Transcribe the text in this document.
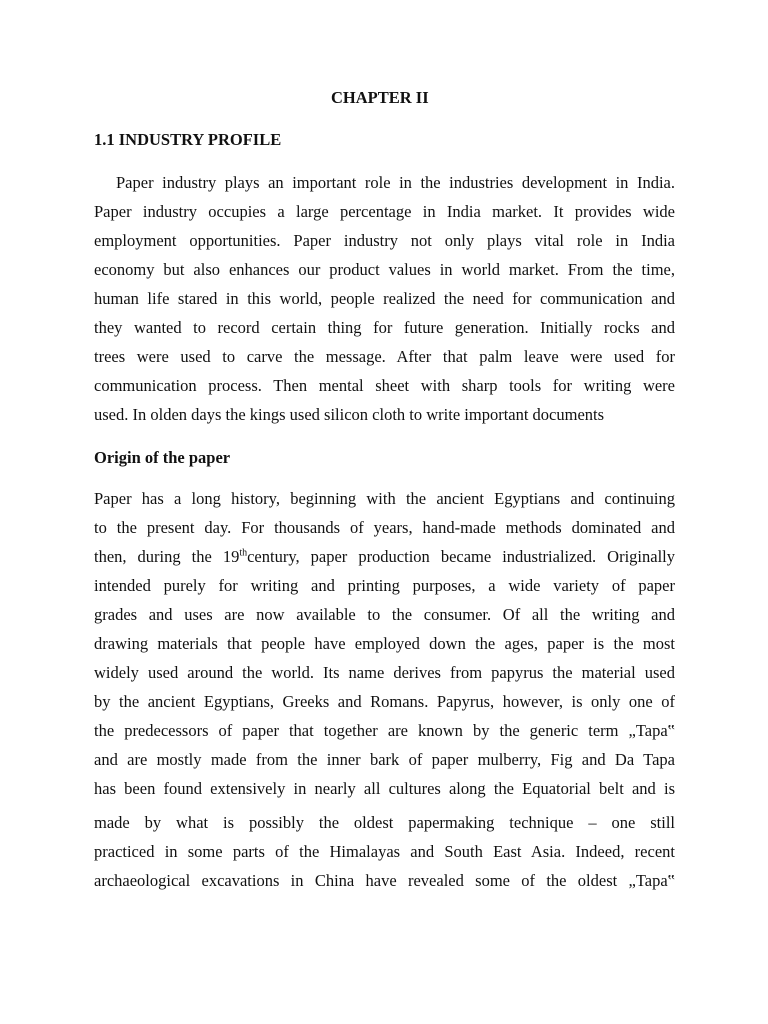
CHAPTER II
1.1 INDUSTRY PROFILE
Paper industry plays an important role in the industries development in India.
Paper industry occupies a large percentage in India market. It provides wide
employment opportunities. Paper industry not only plays vital role in India
economy but also enhances our product values in world market. From the time,
human life stared in this world, people realized the need for communication and
they wanted to record certain thing for future generation. Initially rocks and
trees were used to carve the message. After that palm leave were used for
communication process. Then mental sheet with sharp tools for writing were
used. In olden days the kings used silicon cloth to write important documents
Origin of the paper
Paper has a long history, beginning with the ancient Egyptians and continuing
to the present day. For thousands of years, hand-made methods dominated and
then, during the 19thcentury, paper production became industrialized. Originally
intended purely for writing and printing purposes, a wide variety of paper
grades and uses are now available to the consumer. Of all the writing and
drawing materials that people have employed down the ages, paper is the most
widely used around the world. Its name derives from papyrus the material used
by the ancient Egyptians, Greeks and Romans. Papyrus, however, is only one of
the predecessors of paper that together are known by the generic term „Tapa‟
and are mostly made from the inner bark of paper mulberry, Fig and Da Tapa
has been found extensively in nearly all cultures along the Equatorial belt and is
made by what is possibly the oldest papermaking technique – one still
practiced in some parts of the Himalayas and South East Asia. Indeed, recent
archaeological excavations in China have revealed some of the oldest „Tapa‟
